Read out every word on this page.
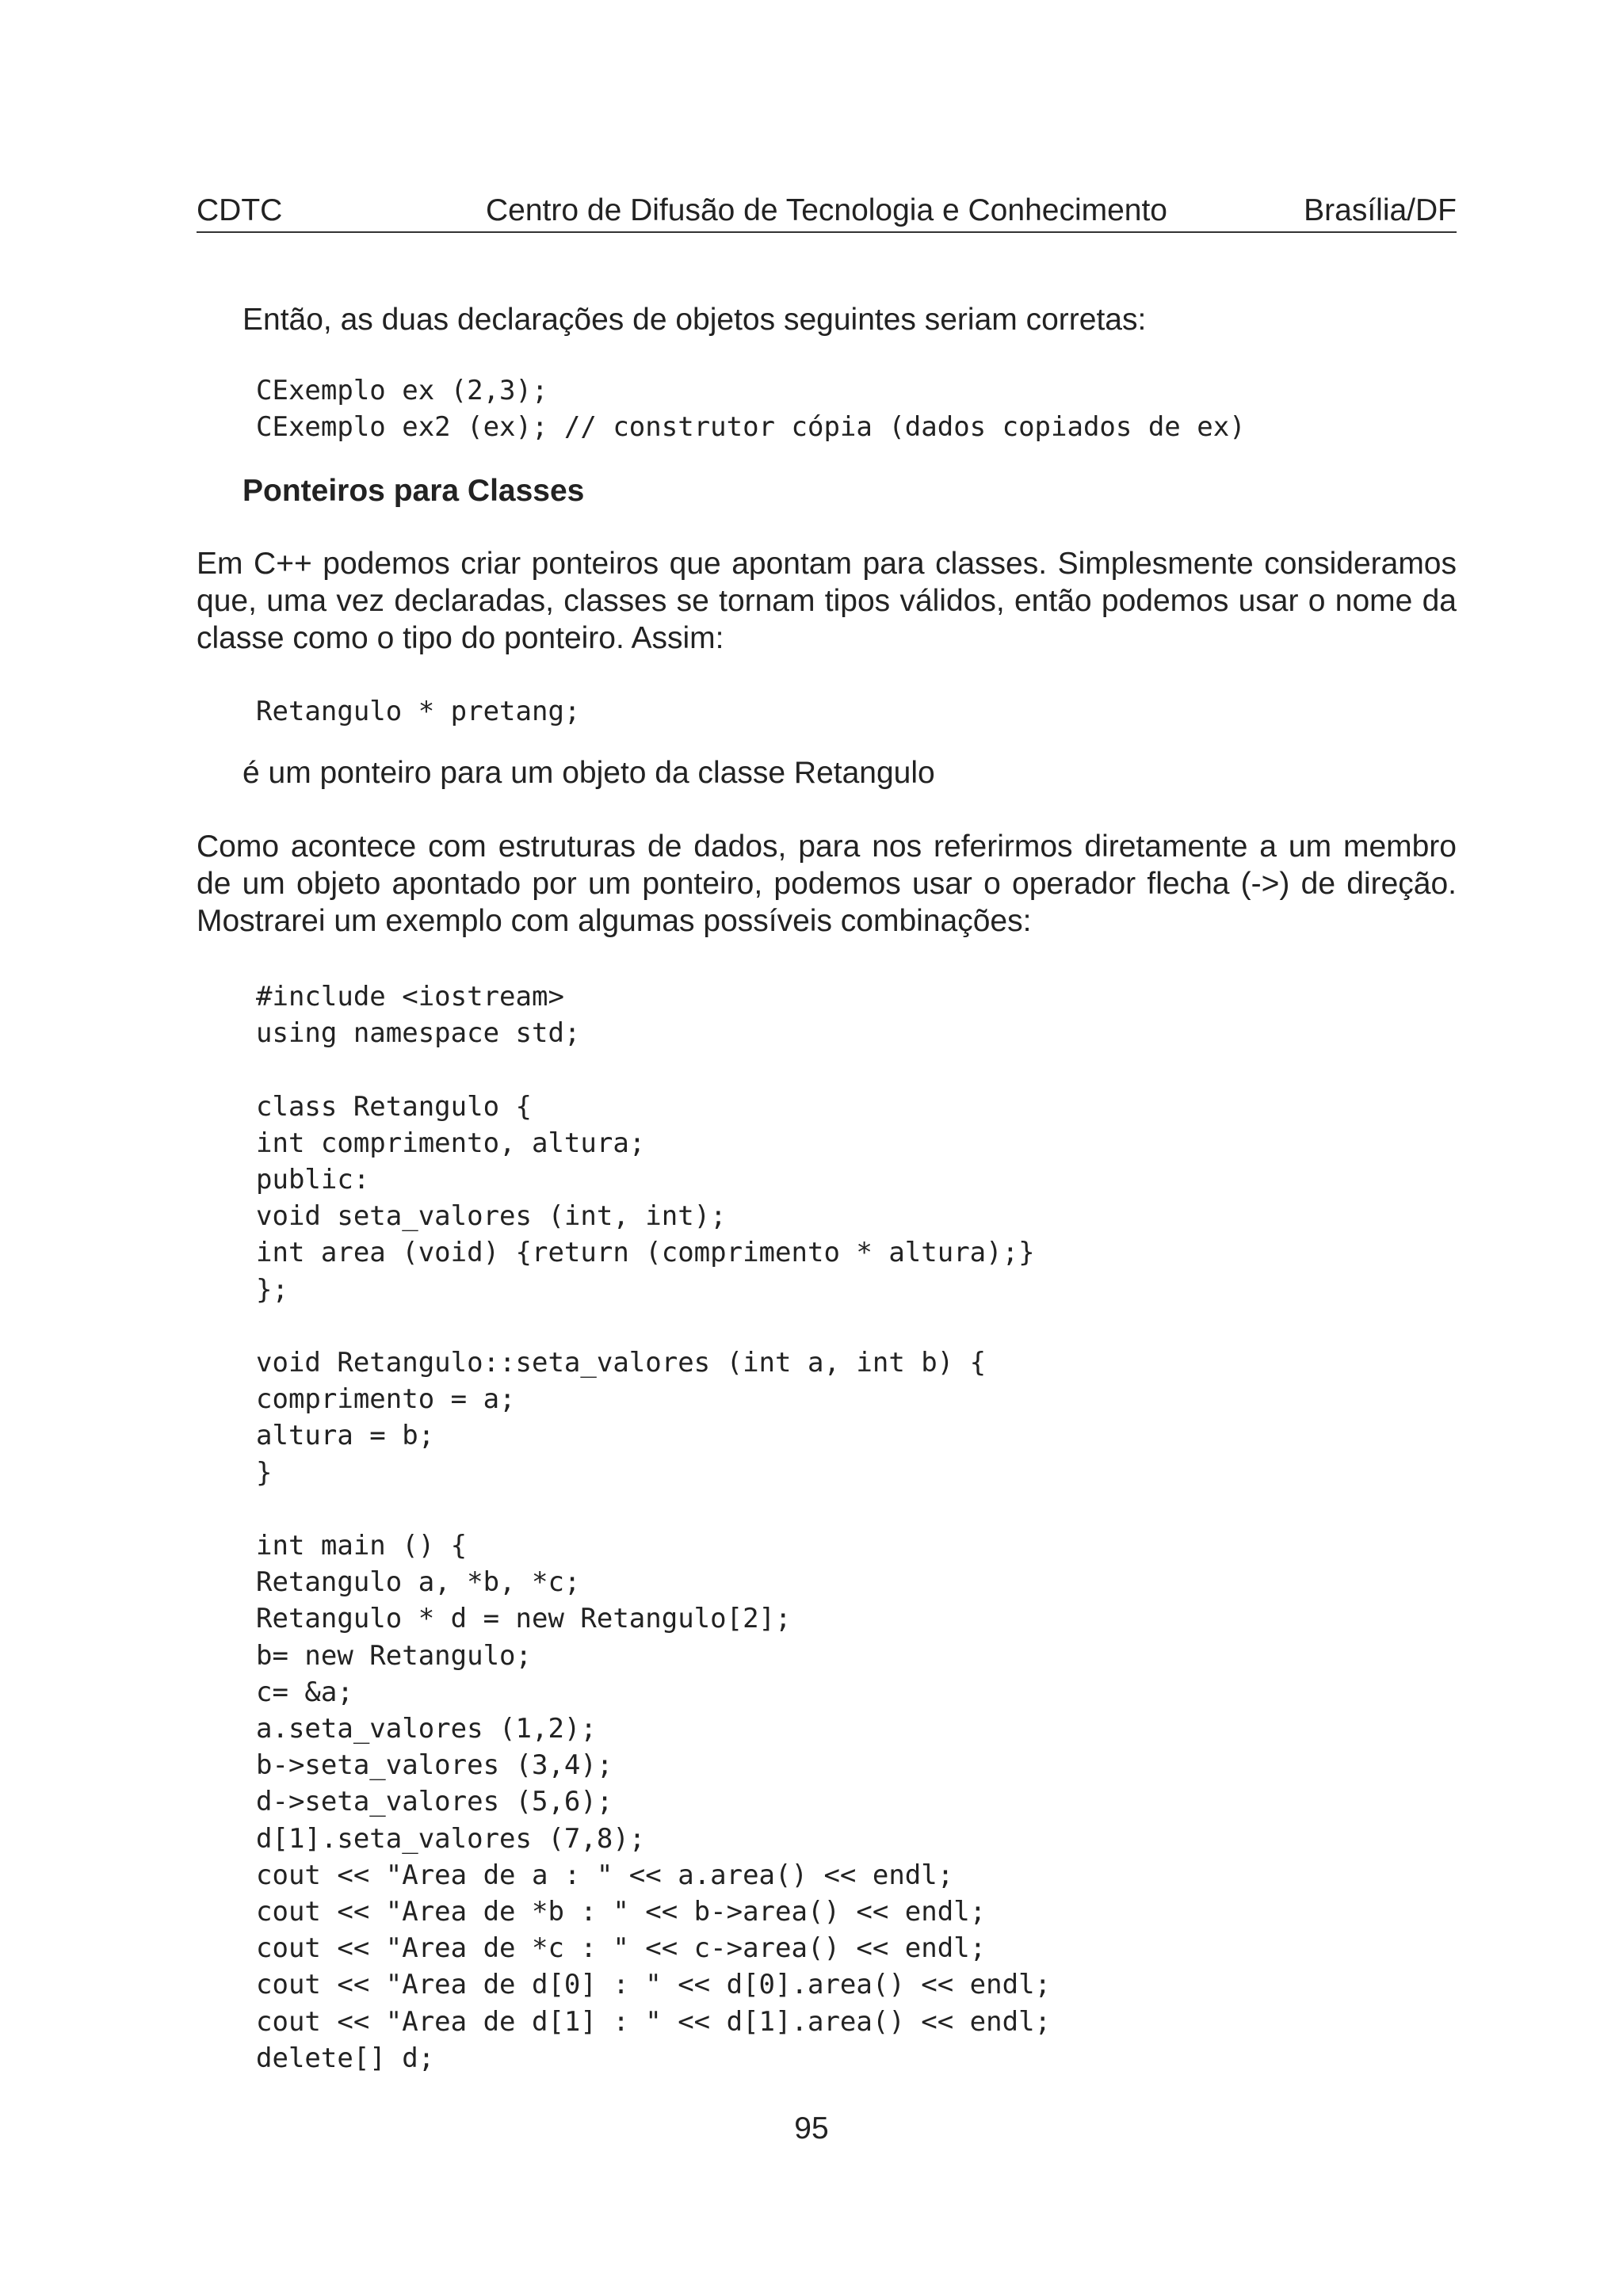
CDTC	Centro de Difusão de Tecnologia e Conhecimento	Brasília/DF

Então, as duas declarações de objetos seguintes seriam corretas:

CExemplo ex (2,3);
CExemplo ex2 (ex); // construtor cópia (dados copiados de ex)
Ponteiros para Classes

Em C++ podemos criar ponteiros que apontam para classes. Simplesmente consideramos que, uma vez declaradas, classes se tornam tipos válidos, então podemos usar o nome da classe como o tipo do ponteiro. Assim:

Retangulo * pretang;

é um ponteiro para um objeto da classe Retangulo

Como acontece com estruturas de dados, para nos referirmos diretamente a um membro de um objeto apontado por um ponteiro, podemos usar o operador flecha (->) de direção. Mostrarei um exemplo com algumas possíveis combinações:

#include <iostream>
using namespace std;

class Retangulo {
int comprimento, altura;
public:
void seta_valores (int, int);
int area (void) {return (comprimento * altura);}
};

void Retangulo::seta_valores (int a, int b) {
comprimento = a;
altura = b;
}

int main () {
Retangulo a, *b, *c;
Retangulo * d = new Retangulo[2];
b= new Retangulo;
c= &a;
a.seta_valores (1,2);
b->seta_valores (3,4);
d->seta_valores (5,6);
d[1].seta_valores (7,8);
cout << "Area de a : " << a.area() << endl;
cout << "Area de *b : " << b->area() << endl;
cout << "Area de *c : " << c->area() << endl;
cout << "Area de d[0] : " << d[0].area() << endl;
cout << "Area de d[1] : " << d[1].area() << endl;
delete[] d;
95
